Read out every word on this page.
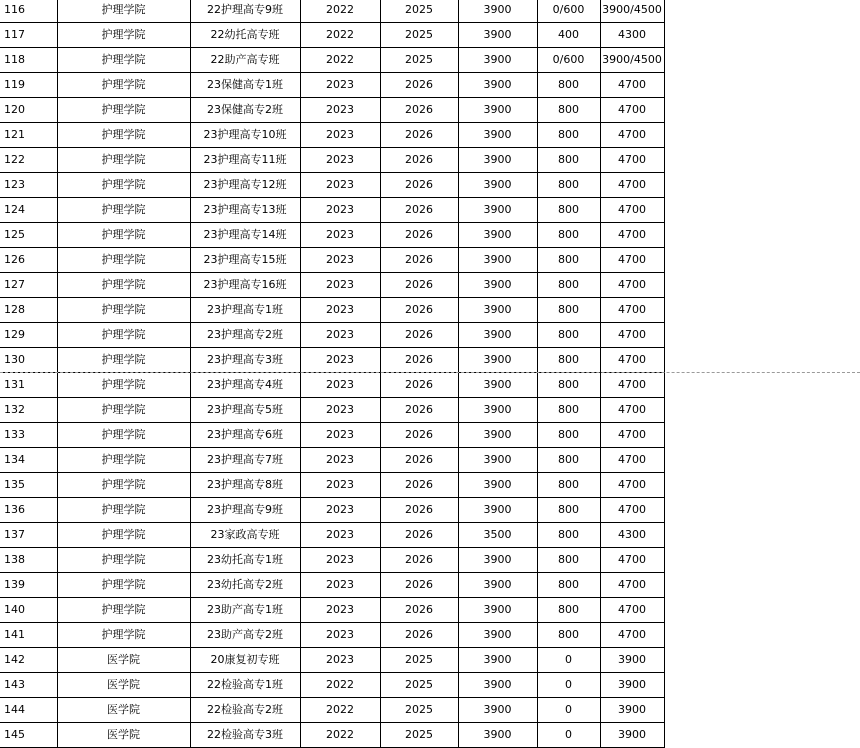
116	护理学院	22护理高专9班	2022	2025	3900	0/600	3900/4500
117	护理学院	22幼托高专班	2022	2025	3900	400	4300
118	护理学院	22助产高专班	2022	2025	3900	0/600	3900/4500
119	护理学院	23保健高专1班	2023	2026	3900	800	4700
120	护理学院	23保健高专2班	2023	2026	3900	800	4700
121	护理学院	23护理高专10班	2023	2026	3900	800	4700
122	护理学院	23护理高专11班	2023	2026	3900	800	4700
123	护理学院	23护理高专12班	2023	2026	3900	800	4700
124	护理学院	23护理高专13班	2023	2026	3900	800	4700
125	护理学院	23护理高专14班	2023	2026	3900	800	4700
126	护理学院	23护理高专15班	2023	2026	3900	800	4700
127	护理学院	23护理高专16班	2023	2026	3900	800	4700
128	护理学院	23护理高专1班	2023	2026	3900	800	4700
129	护理学院	23护理高专2班	2023	2026	3900	800	4700
130	护理学院	23护理高专3班	2023	2026	3900	800	4700
131	护理学院	23护理高专4班	2023	2026	3900	800	4700
132	护理学院	23护理高专5班	2023	2026	3900	800	4700
133	护理学院	23护理高专6班	2023	2026	3900	800	4700
134	护理学院	23护理高专7班	2023	2026	3900	800	4700
135	护理学院	23护理高专8班	2023	2026	3900	800	4700
136	护理学院	23护理高专9班	2023	2026	3900	800	4700
137	护理学院	23家政高专班	2023	2026	3500	800	4300
138	护理学院	23幼托高专1班	2023	2026	3900	800	4700
139	护理学院	23幼托高专2班	2023	2026	3900	800	4700
140	护理学院	23助产高专1班	2023	2026	3900	800	4700
141	护理学院	23助产高专2班	2023	2026	3900	800	4700
142	医学院	20康复初专班	2023	2025	3900	0	3900
143	医学院	22检验高专1班	2022	2025	3900	0	3900
144	医学院	22检验高专2班	2022	2025	3900	0	3900
145	医学院	22检验高专3班	2022	2025	3900	0	3900
